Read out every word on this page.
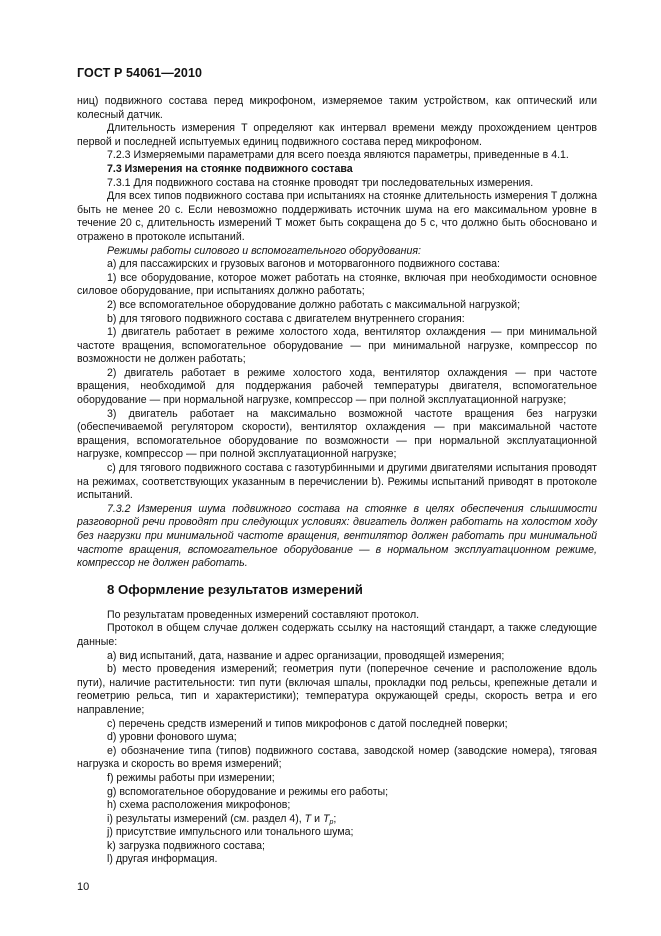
ГОСТ Р 54061—2010

ниц) подвижного состава перед микрофоном, измеряемое таким устройством, как оптический или колесный датчик.

Длительность измерения T определяют как интервал времени между прохождением центров первой и последней испытуемых единиц подвижного состава перед микрофоном.

7.2.3 Измеряемыми параметрами для всего поезда являются параметры, приведенные в 4.1.

7.3 Измерения на стоянке подвижного состава

7.3.1 Для подвижного состава на стоянке проводят три последовательных измерения.

Для всех типов подвижного состава при испытаниях на стоянке длительность измерения T должна быть не менее 20 с. Если невозможно поддерживать источник шума на его максимальном уровне в течение 20 с, длительность измерений T может быть сокращена до 5 с, что должно быть обосновано и отражено в протоколе испытаний.

Режимы работы силового и вспомогательного оборудования:

a) для пассажирских и грузовых вагонов и моторвагонного подвижного состава:

1) все оборудование, которое может работать на стоянке, включая при необходимости основное силовое оборудование, при испытаниях должно работать;

2) все вспомогательное оборудование должно работать с максимальной нагрузкой;

b) для тягового подвижного состава с двигателем внутреннего сгорания:

1) двигатель работает в режиме холостого хода, вентилятор охлаждения — при минимальной частоте вращения, вспомогательное оборудование — при минимальной нагрузке, компрессор по возможности не должен работать;

2) двигатель работает в режиме холостого хода, вентилятор охлаждения — при частоте вращения, необходимой для поддержания рабочей температуры двигателя, вспомогательное оборудование — при нормальной нагрузке, компрессор — при полной эксплуатационной нагрузке;

3) двигатель работает на максимально возможной частоте вращения без нагрузки (обеспечиваемой регулятором скорости), вентилятор охлаждения — при максимальной частоте вращения, вспомогательное оборудование по возможности — при нормальной эксплуатационной нагрузке, компрессор — при полной эксплуатационной нагрузке;

c) для тягового подвижного состава с газотурбинными и другими двигателями испытания проводят на режимах, соответствующих указанным в перечислении b). Режимы испытаний приводят в протоколе испытаний.

7.3.2 Измерения шума подвижного состава на стоянке в целях обеспечения слышимости разговорной речи проводят при следующих условиях: двигатель должен работать на холостом ходу без нагрузки при минимальной частоте вращения, вентилятор должен работать при минимальной частоте вращения, вспомогательное оборудование — в нормальном эксплуатационном режиме, компрессор не должен работать.

8 Оформление результатов измерений

По результатам проведенных измерений составляют протокол.

Протокол в общем случае должен содержать ссылку на настоящий стандарт, а также следующие данные:

a) вид испытаний, дата, название и адрес организации, проводящей измерения;

b) место проведения измерений; геометрия пути (поперечное сечение и расположение вдоль пути), наличие растительности: тип пути (включая шпалы, прокладки под рельсы, крепежные детали и геометрию рельса, тип и характеристики); температура окружающей среды, скорость ветра и его направление;

c) перечень средств измерений и типов микрофонов с датой последней поверки;

d) уровни фонового шума;

e) обозначение типа (типов) подвижного состава, заводской номер (заводские номера), тяговая нагрузка и скорость во время измерений;

f) режимы работы при измерении;

g) вспомогательное оборудование и режимы его работы;

h) схема расположения микрофонов;

i) результаты измерений (см. раздел 4), T и $T_p$;

j) присутствие импульсного или тонального шума;

k) загрузка подвижного состава;

l) другая информация.

10
